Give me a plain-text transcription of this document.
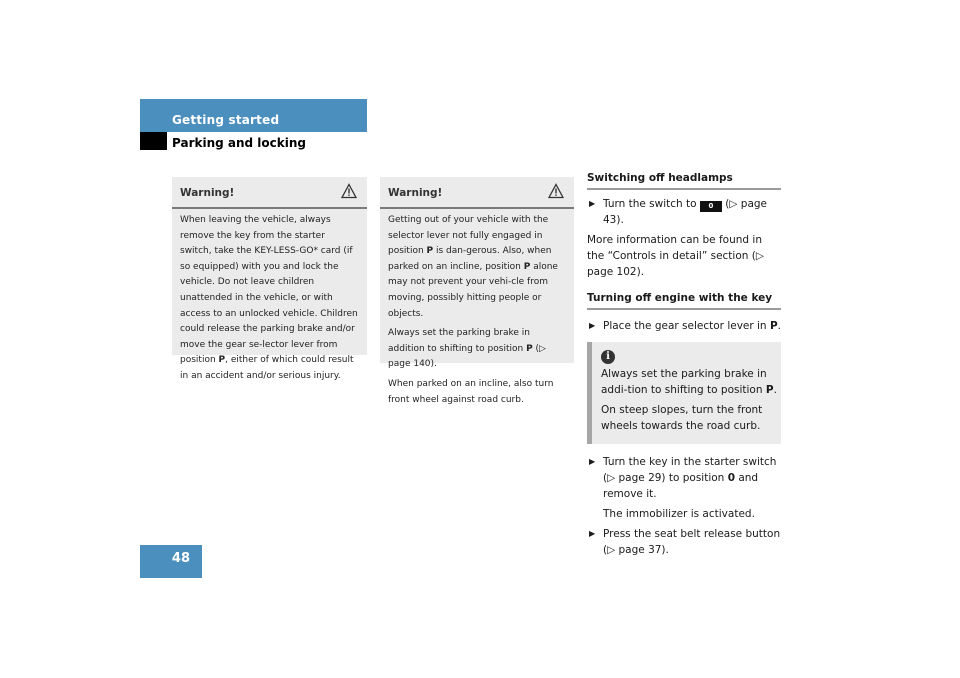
Getting started
Parking and locking
Warning!

When leaving the vehicle, always remove the key from the starter switch, take the KEY-LESS-GO* card (if so equipped) with you and lock the vehicle. Do not leave children unattended in the vehicle, or with access to an unlocked vehicle. Children could release the parking brake and/or move the gear se-lector lever from position P, either of which could result in an accident and/or serious injury.

Warning!

Getting out of your vehicle with the selector lever not fully engaged in position P is dan-gerous. Also, when parked on an incline, position P alone may not prevent your vehi-cle from moving, possibly hitting people or objects.

Always set the parking brake in addition to shifting to position P (▷ page 140).

When parked on an incline, also turn front wheel against road curb.

Switching off headlamps
▶ Turn the switch to 0 (▷ page 43).
More information can be found in the “Controls in detail” section (▷ page 102).
Turning off engine with the key
▶ Place the gear selector lever in P.
i

Always set the parking brake in addi-tion to shifting to position P.

On steep slopes, turn the front wheels towards the road curb.

▶ Turn the key in the starter switch (▷ page 29) to position 0 and remove it.
The immobilizer is activated.
▶ Press the seat belt release button (▷ page 37).
48
